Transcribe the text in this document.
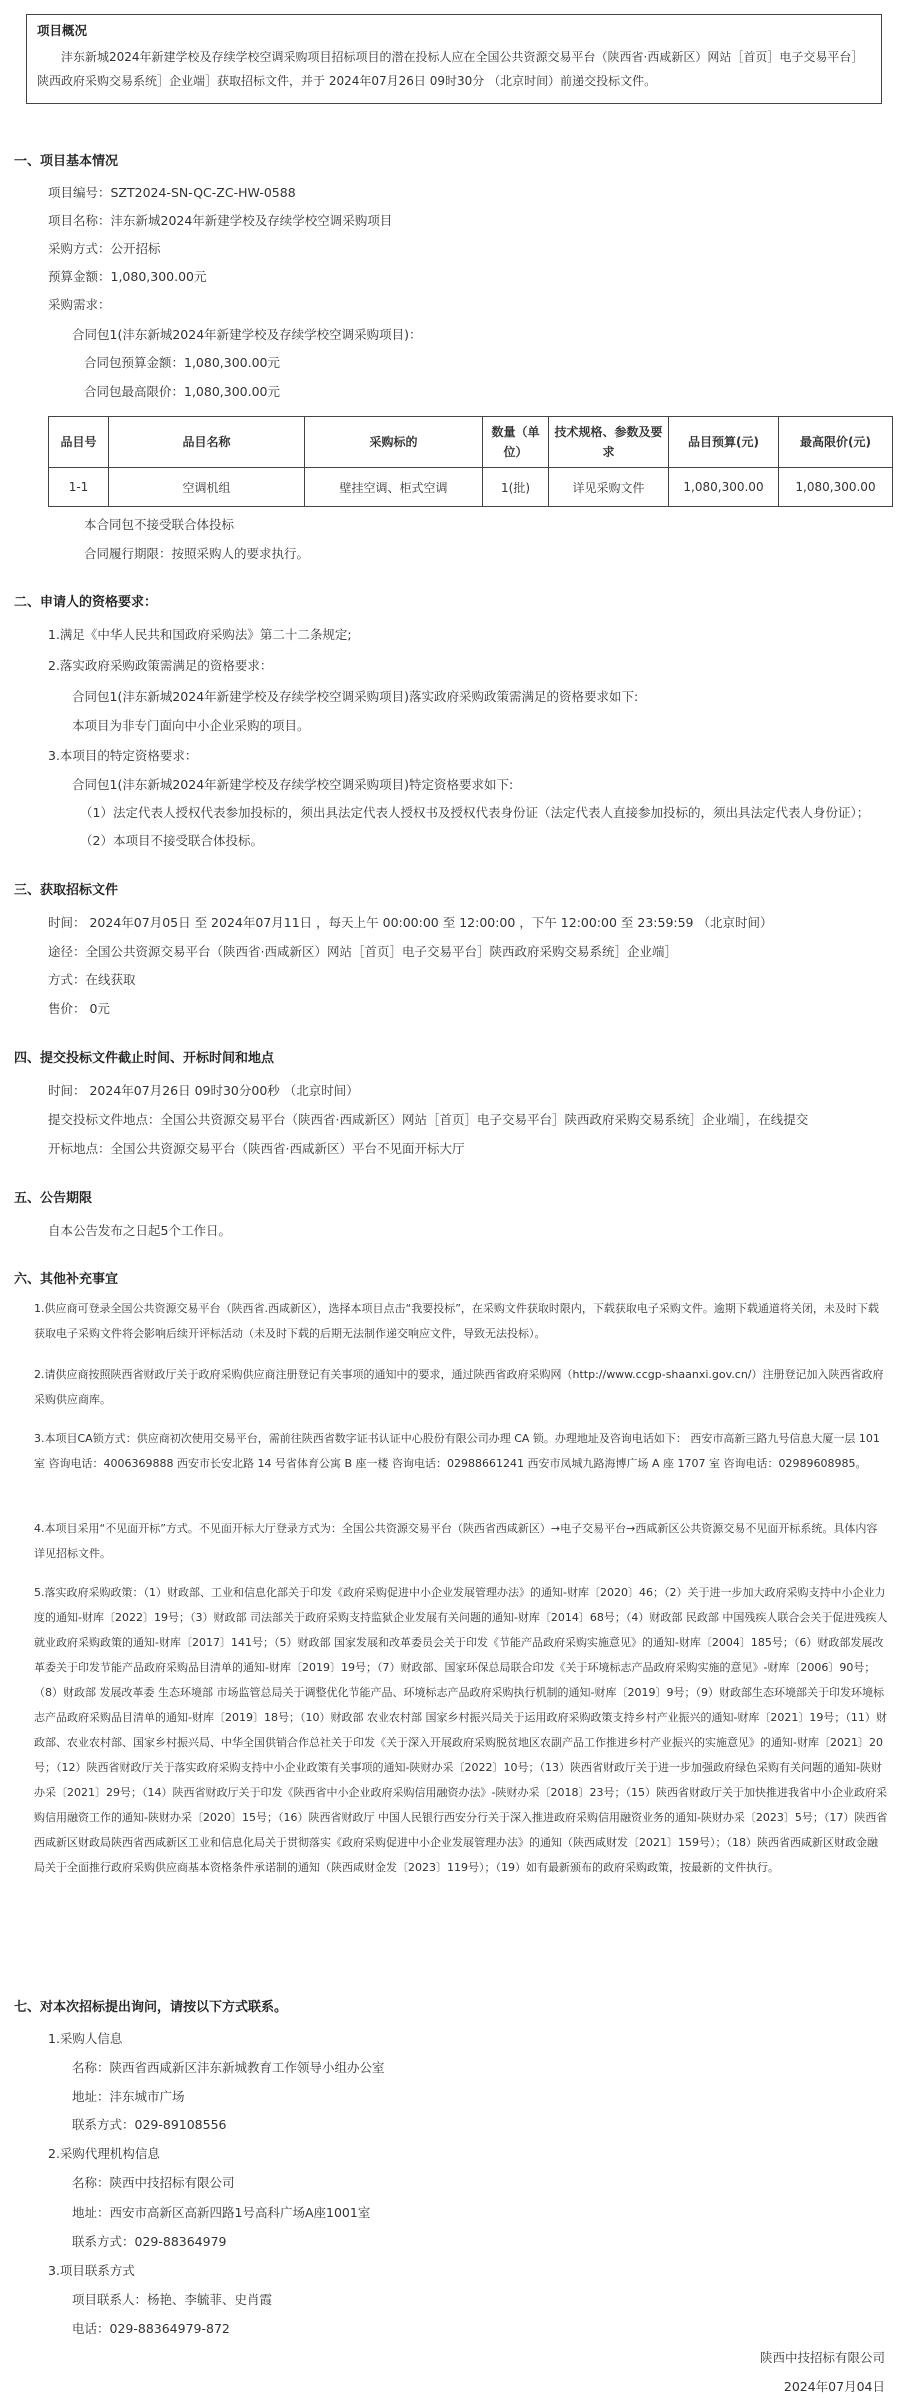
项目概况
沣东新城2024年新建学校及存续学校空调采购项目招标项目的潜在投标人应在全国公共资源交易平台（陕西省·西咸新区）网站［首页］电子交易平台］陕西政府采购交易系统］企业端］获取招标文件，并于 2024年07月26日 09时30分 （北京时间）前递交投标文件。
一、项目基本情况
项目编号：SZT2024-SN-QC-ZC-HW-0588
项目名称：沣东新城2024年新建学校及存续学校空调采购项目
采购方式：公开招标
预算金额：1,080,300.00元
采购需求：
合同包1(沣东新城2024年新建学校及存续学校空调采购项目)：
合同包预算金额：1,080,300.00元
合同包最高限价：1,080,300.00元
品目号	品目名称	采购标的	数量（单位）	技术规格、参数及要求	品目预算(元)	最高限价(元)
1-1	空调机组	壁挂空调、柜式空调	1(批)	详见采购文件	1,080,300.00	1,080,300.00
本合同包不接受联合体投标
合同履行期限：按照采购人的要求执行。
二、申请人的资格要求：
1.满足《中华人民共和国政府采购法》第二十二条规定;
2.落实政府采购政策需满足的资格要求：
合同包1(沣东新城2024年新建学校及存续学校空调采购项目)落实政府采购政策需满足的资格要求如下:
本项目为非专门面向中小企业采购的项目。
3.本项目的特定资格要求：
合同包1(沣东新城2024年新建学校及存续学校空调采购项目)特定资格要求如下:
（1）法定代表人授权代表参加投标的，须出具法定代表人授权书及授权代表身份证（法定代表人直接参加投标的，须出具法定代表人身份证）；
（2）本项目不接受联合体投标。
三、获取招标文件
时间： 2024年07月05日 至 2024年07月11日 ，每天上午 00:00:00 至 12:00:00 ，下午 12:00:00 至 23:59:59 （北京时间）
途径：全国公共资源交易平台（陕西省·西咸新区）网站［首页］电子交易平台］陕西政府采购交易系统］企业端］
方式：在线获取
售价： 0元
四、提交投标文件截止时间、开标时间和地点
时间： 2024年07月26日 09时30分00秒 （北京时间）
提交投标文件地点：全国公共资源交易平台（陕西省·西咸新区）网站［首页］电子交易平台］陕西政府采购交易系统］企业端］，在线提交
开标地点：全国公共资源交易平台（陕西省·西咸新区）平台不见面开标大厅
五、公告期限
自本公告发布之日起5个工作日。
六、其他补充事宜
1.供应商可登录全国公共资源交易平台（陕西省.西咸新区），选择本项目点击“我要投标”，在采购文件获取时限内，下载获取电子采购文件。逾期下载通道将关闭，未及时下载获取电子采购文件将会影响后续开评标活动（未及时下载的后期无法制作递交响应文件，导致无法投标）。
2.请供应商按照陕西省财政厅关于政府采购供应商注册登记有关事项的通知中的要求，通过陕西省政府采购网（http://www.ccgp-shaanxi.gov.cn/）注册登记加入陕西省政府采购供应商库。
3.本项目CA锁方式：供应商初次使用交易平台，需前往陕西省数字证书认证中心股份有限公司办理 CA 锁。办理地址及咨询电话如下： 西安市高新三路九号信息大厦一层 101 室 咨询电话：4006369888 西安市长安北路 14 号省体育公寓 B 座一楼 咨询电话：02988661241 西安市凤城九路海博广场 A 座 1707 室 咨询电话：02989608985。
4.本项目采用“不见面开标”方式。不见面开标大厅登录方式为：全国公共资源交易平台（陕西省西咸新区）→电子交易平台→西咸新区公共资源交易不见面开标系统。具体内容详见招标文件。
5.落实政府采购政策：（1）财政部、工业和信息化部关于印发《政府采购促进中小企业发展管理办法》的通知-财库〔2020〕46；（2）关于进一步加大政府采购支持中小企业力度的通知-财库〔2022〕19号；（3）财政部 司法部关于政府采购支持监狱企业发展有关问题的通知-财库〔2014〕68号；（4）财政部 民政部 中国残疾人联合会关于促进残疾人就业政府采购政策的通知-财库〔2017〕141号；（5）财政部 国家发展和改革委员会关于印发《节能产品政府采购实施意见》的通知-财库〔2004〕185号；（6）财政部发展改革委关于印发节能产品政府采购品目清单的通知-财库〔2019〕19号；（7）财政部、国家环保总局联合印发《关于环境标志产品政府采购实施的意见》-财库〔2006〕90号；（8）财政部 发展改革委 生态环境部 市场监管总局关于调整优化节能产品、环境标志产品政府采购执行机制的通知-财库〔2019〕9号；（9）财政部生态环境部关于印发环境标志产品政府采购品目清单的通知-财库〔2019〕18号；（10）财政部 农业农村部 国家乡村振兴局关于运用政府采购政策支持乡村产业振兴的通知-财库〔2021〕19号；（11）财政部、农业农村部、国家乡村振兴局、中华全国供销合作总社关于印发《关于深入开展政府采购脱贫地区农副产品工作推进乡村产业振兴的实施意见》的通知-财库〔2021〕20号；（12）陕西省财政厅关于落实政府采购支持中小企业政策有关事项的通知-陕财办采〔2022〕10号；（13）陕西省财政厅关于进一步加强政府绿色采购有关问题的通知-陕财办采〔2021〕29号；（14）陕西省财政厅关于印发《陕西省中小企业政府采购信用融资办法》-陕财办采〔2018〕23号；（15）陕西省财政厅关于加快推进我省中小企业政府采购信用融资工作的通知-陕财办采〔2020〕15号；（16）陕西省财政厅 中国人民银行西安分行关于深入推进政府采购信用融资业务的通知-陕财办采〔2023〕5号；（17）陕西省西咸新区财政局陕西省西咸新区工业和信息化局关于贯彻落实《政府采购促进中小企业发展管理办法》的通知（陕西咸财发〔2021〕159号）；（18）陕西省西咸新区财政金融局关于全面推行政府采购供应商基本资格条件承诺制的通知（陕西咸财金发〔2023〕119号）；（19）如有最新颁布的政府采购政策，按最新的文件执行。
七、对本次招标提出询问，请按以下方式联系。
1.采购人信息
名称：陕西省西咸新区沣东新城教育工作领导小组办公室
地址：沣东城市广场
联系方式：029-89108556
2.采购代理机构信息
名称：陕西中技招标有限公司
地址：西安市高新区高新四路1号高科广场A座1001室
联系方式：029-88364979
3.项目联系方式
项目联系人：杨艳、李毓菲、史肖霞
电话：029-88364979-872
陕西中技招标有限公司
2024年07月04日
